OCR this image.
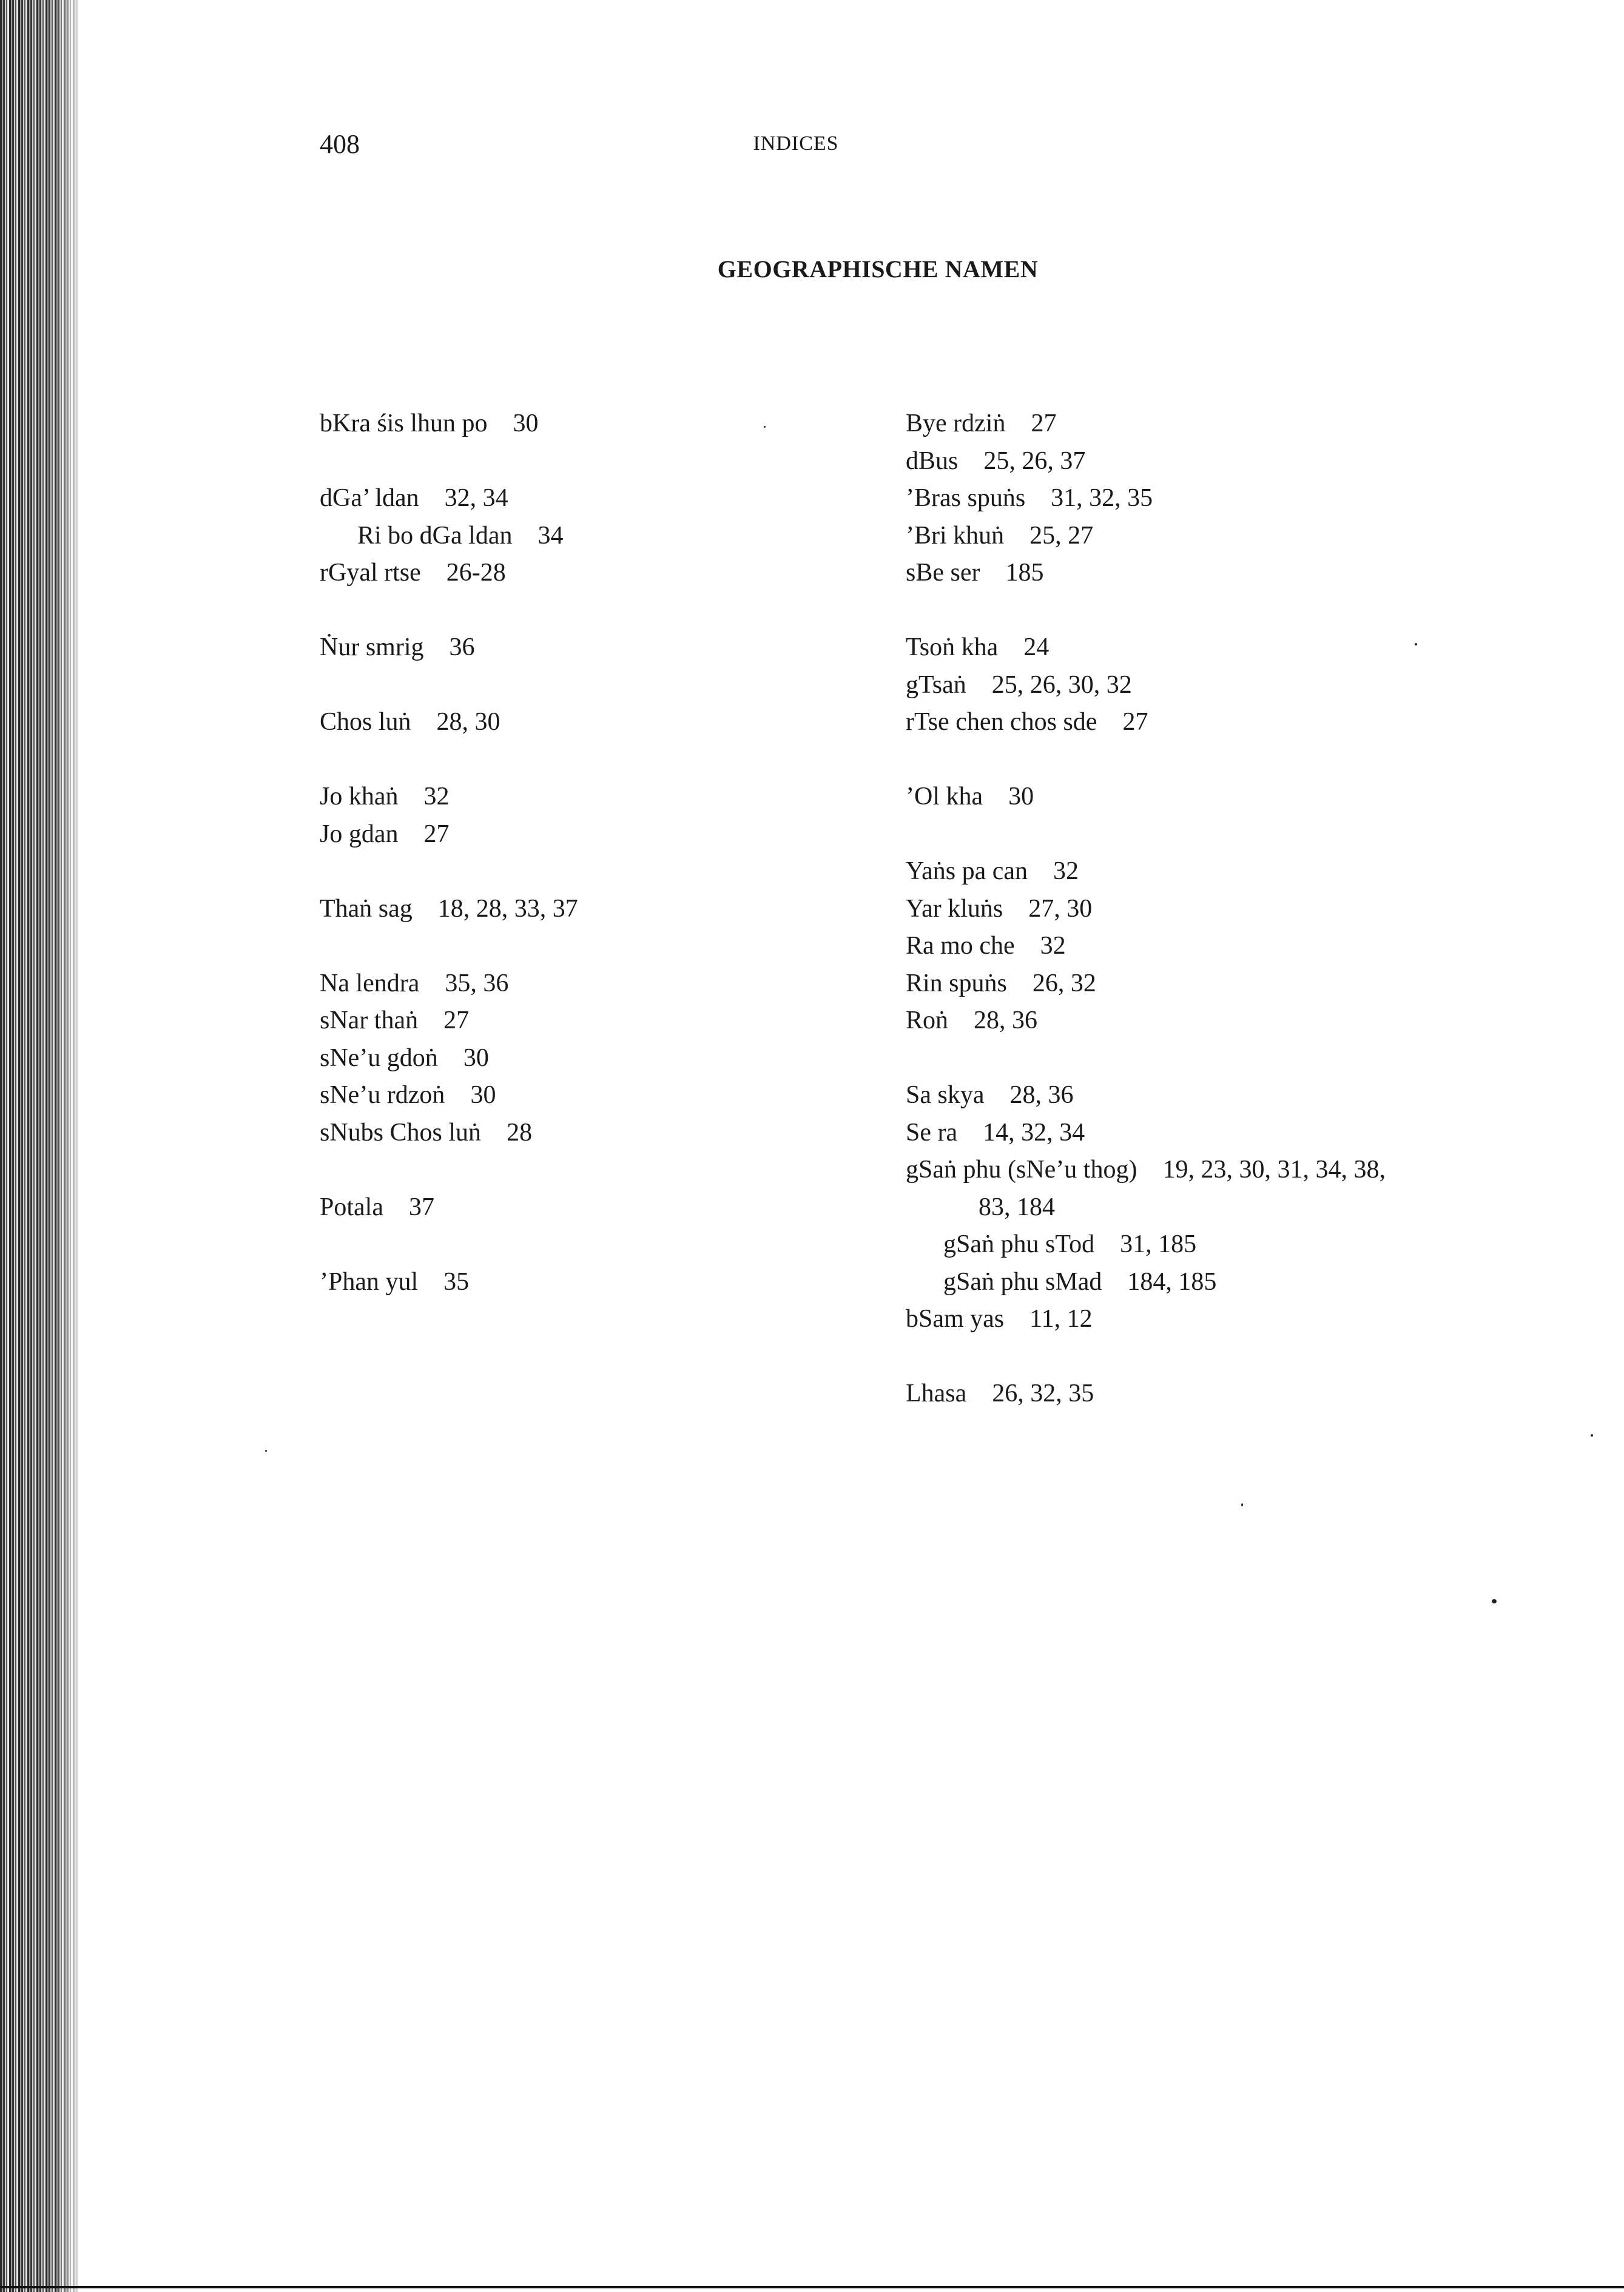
408	INDICES
GEOGRAPHISCHE NAMEN
bKra śis lhun po 30
dGa’ ldan 32, 34
Ri bo dGa ldan 34
rGyal rtse 26-28
Ṅur smrig 36
Chos luṅ 28, 30
Jo khaṅ 32
Jo gdan 27
Thaṅ sag 18, 28, 33, 37
Na lendra 35, 36
sNar thaṅ 27
sNe’u gdoṅ 30
sNe’u rdzoṅ 30
sNubs Chos luṅ 28
Potala 37
’Phan yul 35
Bye rdziṅ 27
dBus 25, 26, 37
’Bras spuṅs 31, 32, 35
’Bri khuṅ 25, 27
sBe ser 185
Tsoṅ kha 24
gTsaṅ 25, 26, 30, 32
rTse chen chos sde 27
’Ol kha 30
Yaṅs pa can 32
Yar kluṅs 27, 30
Ra mo che 32
Rin spuṅs 26, 32
Roṅ 28, 36
Sa skya 28, 36
Se ra 14, 32, 34
gSaṅ phu (sNe’u thog) 19, 23, 30, 31, 34, 38,
83, 184
gSaṅ phu sTod 31, 185
gSaṅ phu sMad 184, 185
bSam yas 11, 12
Lhasa 26, 32, 35
